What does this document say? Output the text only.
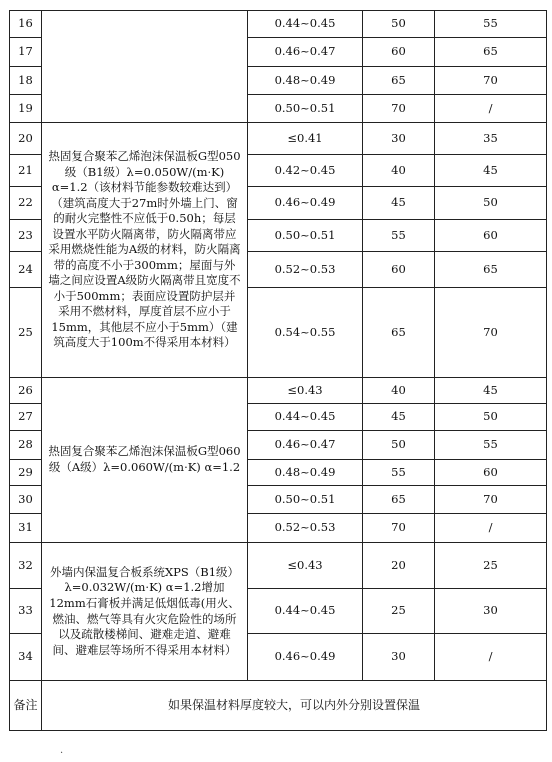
16		0.44~0.45	50	55
17		0.46~0.47	60	65
18		0.48~0.49	65	70
19		0.50~0.51	70	/
20	热固复合聚苯乙烯泡沫保温板G型050级（B1级）λ=0.050W/(m·K) α=1.2（该材料节能参数较难达到）（建筑高度大于27m时外墙上门、窗的耐火完整性不应低于0.50h；每层设置水平防火隔离带，防火隔离带应采用燃烧性能为A级的材料，防火隔离带的高度不小于300mm；屋面与外墙之间应设置A级防火隔离带且宽度不小于500mm；表面应设置防护层并采用不燃材料，厚度首层不应小于15mm，其他层不应小于5mm）（建筑高度大于100m不得采用本材料）	≤0.41	30	35
21		0.42~0.45	40	45
22		0.46~0.49	45	50
23		0.50~0.51	55	60
24		0.52~0.53	60	65
25		0.54~0.55	65	70
26	热固复合聚苯乙烯泡沫保温板G型060级（A级）λ=0.060W/(m·K) α=1.2	≤0.43	40	45
27		0.44~0.45	45	50
28		0.46~0.47	50	55
29		0.48~0.49	55	60
30		0.50~0.51	65	70
31		0.52~0.53	70	/
32	外墙内保温复合板系统XPS（B1级）λ=0.032W/(m·K) α=1.2增加12mm石膏板并满足低烟低毒(用火、燃油、燃气等具有火灾危险性的场所以及疏散楼梯间、避难走道、避难间、避难层等场所不得采用本材料）	≤0.43	20	25
33		0.44~0.45	25	30
34		0.46~0.49	30	/
备注	如果保温材料厚度较大，可以内外分别设置保温			
·
